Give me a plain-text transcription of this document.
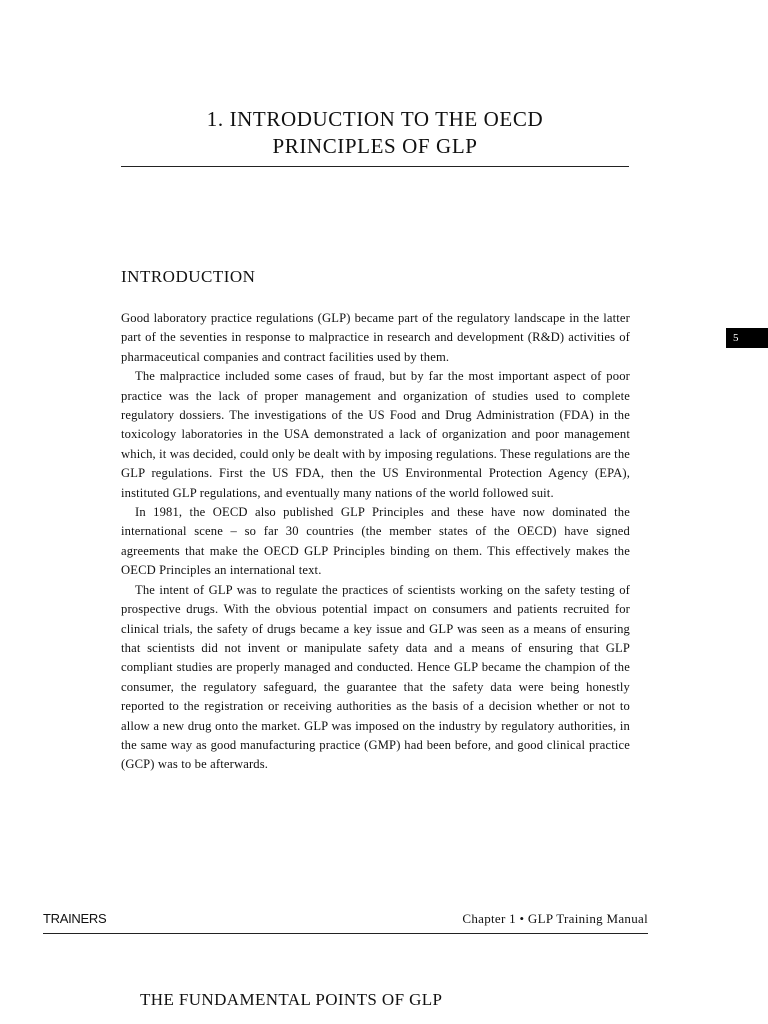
1. INTRODUCTION TO THE OECD
PRINCIPLES OF GLP
INTRODUCTION

Good laboratory practice regulations (GLP) became part of the regulatory landscape in the latter part of the seventies in response to malpractice in research and development (R&D) activities of pharmaceutical companies and contract facilities used by them.

The malpractice included some cases of fraud, but by far the most important aspect of poor practice was the lack of proper management and organization of studies used to complete regulatory dossiers. The investigations of the US Food and Drug Administration (FDA) in the toxicology laboratories in the USA demonstrated a lack of organization and poor management which, it was decided, could only be dealt with by imposing regulations. These regulations are the GLP regulations. First the US FDA, then the US Environmental Protection Agency (EPA), instituted GLP regulations, and eventually many nations of the world followed suit.

In 1981, the OECD also published GLP Principles and these have now dominated the international scene – so far 30 countries (the member states of the OECD) have signed agreements that make the OECD GLP Principles binding on them. This effectively makes the OECD Principles an international text.

The intent of GLP was to regulate the practices of scientists working on the safety testing of prospective drugs. With the obvious potential impact on consumers and patients recruited for clinical trials, the safety of drugs became a key issue and GLP was seen as a means of ensuring that scientists did not invent or manipulate safety data and a means of ensuring that GLP compliant studies are properly managed and conducted. Hence GLP became the champion of the consumer, the regulatory safeguard, the guarantee that the safety data were being honestly reported to the registration or receiving authorities as the basis of a decision whether or not to allow a new drug onto the market. GLP was imposed on the industry by regulatory authorities, in the same way as good manufacturing practice (GMP) had been before, and good clinical practice (GCP) was to be afterwards.

5
TRAINERS	Chapter 1 • GLP Training Manual
THE FUNDAMENTAL POINTS OF GLP
